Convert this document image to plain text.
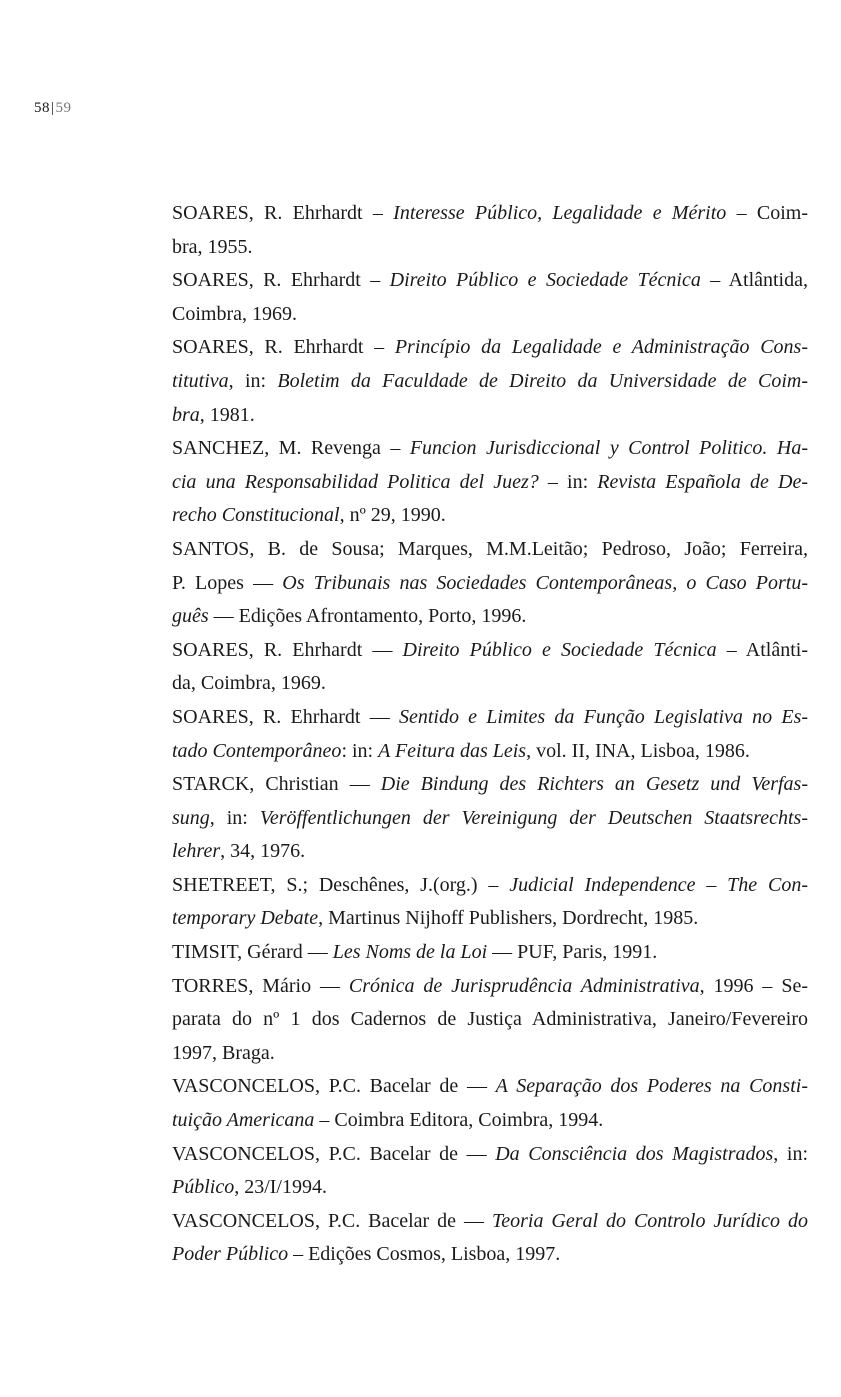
58|59
SOARES, R. Ehrhardt – Interesse Público, Legalidade e Mérito – Coim-
bra, 1955.
SOARES, R. Ehrhardt – Direito Público e Sociedade Técnica – Atlântida,
Coimbra, 1969.
SOARES, R. Ehrhardt – Princípio da Legalidade e Administração Cons-
titutiva, in: Boletim da Faculdade de Direito da Universidade de Coim-
bra, 1981.
SANCHEZ, M. Revenga – Funcion Jurisdiccional y Control Politico. Ha-
cia una Responsabilidad Politica del Juez? – in: Revista Española de De-
recho Constitucional, nº 29, 1990.
SANTOS, B. de Sousa; Marques, M.M.Leitão; Pedroso, João; Ferreira,
P. Lopes — Os Tribunais nas Sociedades Contemporâneas, o Caso Portu-
guês — Edições Afrontamento, Porto, 1996.
SOARES, R. Ehrhardt — Direito Público e Sociedade Técnica – Atlânti-
da, Coimbra, 1969.
SOARES, R. Ehrhardt — Sentido e Limites da Função Legislativa no Es-
tado Contemporâneo: in: A Feitura das Leis, vol. II, INA, Lisboa, 1986.
STARCK, Christian — Die Bindung des Richters an Gesetz und Verfas-
sung, in: Veröffentlichungen der Vereinigung der Deutschen Staatsrechts-
lehrer, 34, 1976.
SHETREET, S.; Deschênes, J.(org.) – Judicial Independence – The Con-
temporary Debate, Martinus Nijhoff Publishers, Dordrecht, 1985.
TIMSIT, Gérard — Les Noms de la Loi — PUF, Paris, 1991.
TORRES, Mário — Crónica de Jurisprudência Administrativa, 1996 – Se-
parata do nº 1 dos Cadernos de Justiça Administrativa, Janeiro/Fevereiro
1997, Braga.
VASCONCELOS, P.C. Bacelar de — A Separação dos Poderes na Consti-
tuição Americana – Coimbra Editora, Coimbra, 1994.
VASCONCELOS, P.C. Bacelar de — Da Consciência dos Magistrados, in:
Público, 23/I/1994.
VASCONCELOS, P.C. Bacelar de — Teoria Geral do Controlo Jurídico do
Poder Público – Edições Cosmos, Lisboa, 1997.
